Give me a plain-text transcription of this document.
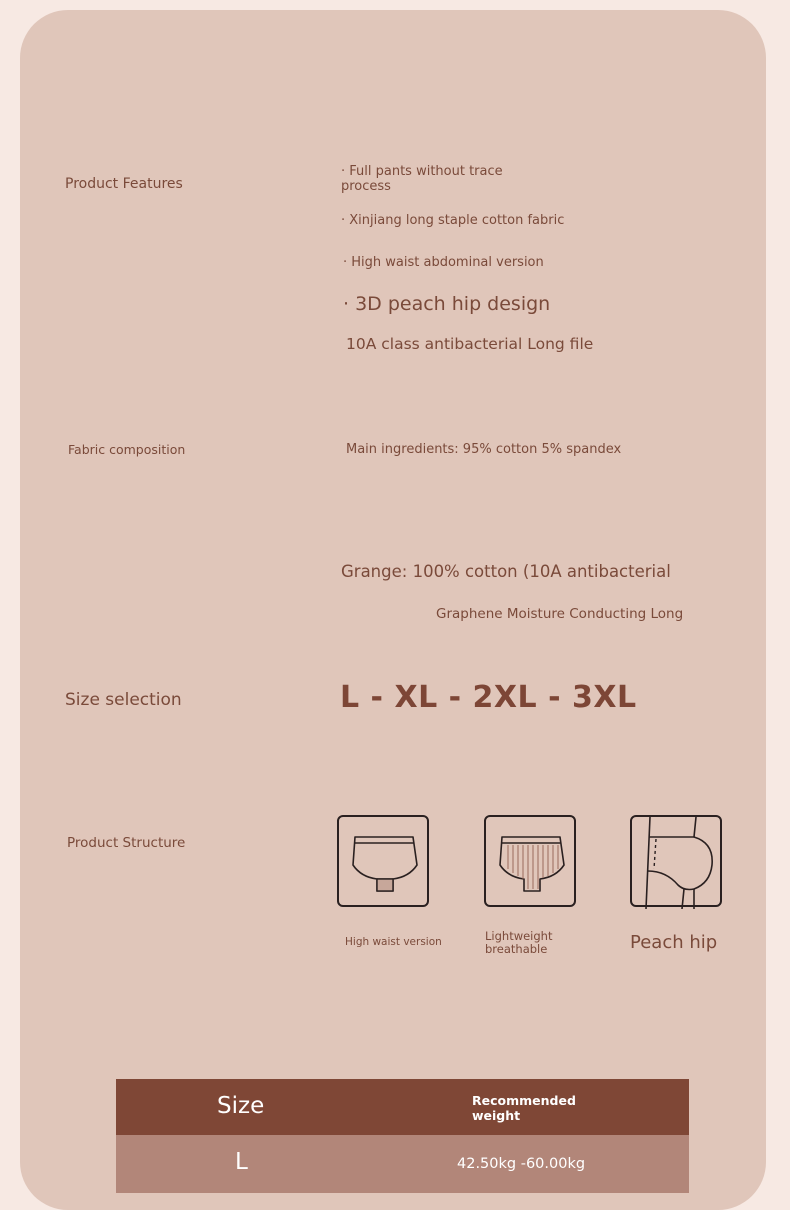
Product Features
· Full pants without trace process
· Xinjiang long staple cotton fabric
· High waist abdominal version
· 3D peach hip design
10A class antibacterial Long file
Fabric composition	Main ingredients: 95% cotton 5% spandex
Grange: 100% cotton (10A antibacterial
Graphene Moisture Conducting Long
Size selection	L - XL - 2XL - 3XL
Product Structure
High waist version	Lightweight breathable	Peach hip
Size	Recommended weight
L	42.50kg -60.00kg
